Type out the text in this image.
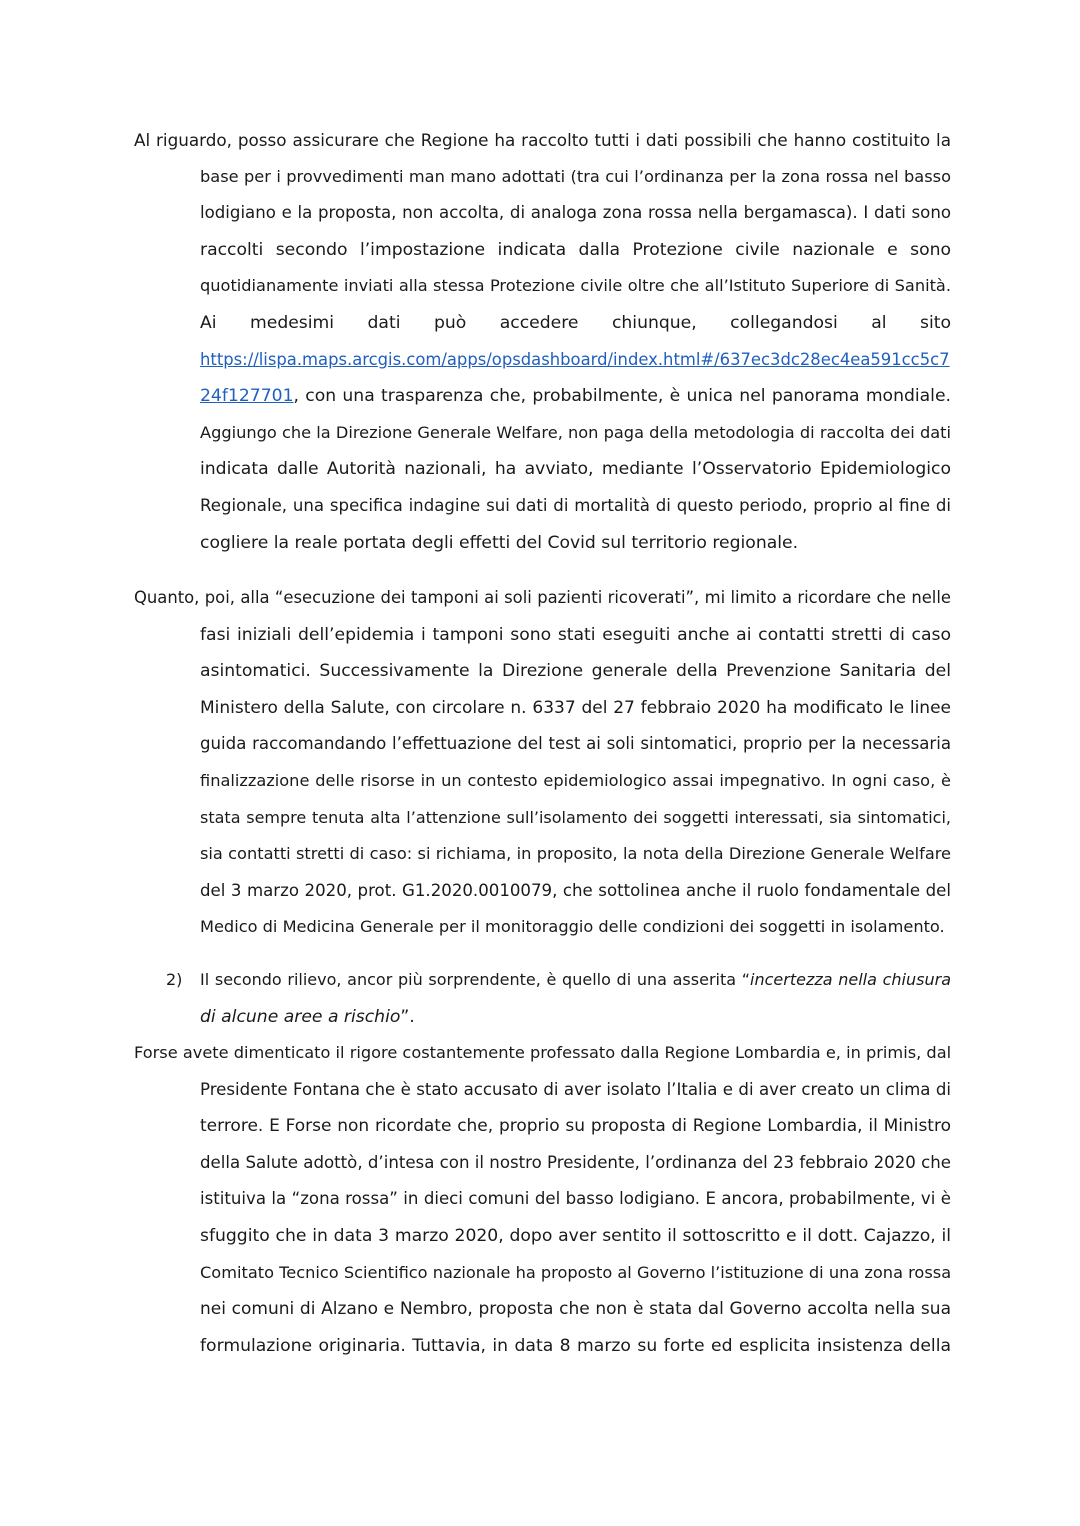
Al riguardo, posso assicurare che Regione ha raccolto tutti i dati possibili che hanno costituito la
base per i provvedimenti man mano adottati (tra cui l’ordinanza per la zona rossa nel basso
lodigiano e la proposta, non accolta, di analoga zona rossa nella bergamasca). I dati sono
raccolti secondo l’impostazione indicata dalla Protezione civile nazionale e sono
quotidianamente inviati alla stessa Protezione civile oltre che all’Istituto Superiore di Sanità.
Ai medesimi dati può accedere chiunque, collegandosi al sito
https://lispa.maps.arcgis.com/apps/opsdashboard/index.html#/637ec3dc28ec4ea591cc5c7
24f127701, con una trasparenza che, probabilmente, è unica nel panorama mondiale.
Aggiungo che la Direzione Generale Welfare, non paga della metodologia di raccolta dei dati
indicata dalle Autorità nazionali, ha avviato, mediante l’Osservatorio Epidemiologico
Regionale, una specifica indagine sui dati di mortalità di questo periodo, proprio al fine di
cogliere la reale portata degli effetti del Covid sul territorio regionale.
Quanto, poi, alla “esecuzione dei tamponi ai soli pazienti ricoverati”, mi limito a ricordare che nelle
fasi iniziali dell’epidemia i tamponi sono stati eseguiti anche ai contatti stretti di caso
asintomatici. Successivamente la Direzione generale della Prevenzione Sanitaria del
Ministero della Salute, con circolare n. 6337 del 27 febbraio 2020 ha modificato le linee
guida raccomandando l’effettuazione del test ai soli sintomatici, proprio per la necessaria
finalizzazione delle risorse in un contesto epidemiologico assai impegnativo. In ogni caso, è
stata sempre tenuta alta l’attenzione sull’isolamento dei soggetti interessati, sia sintomatici,
sia contatti stretti di caso: si richiama, in proposito, la nota della Direzione Generale Welfare
del 3 marzo 2020, prot. G1.2020.0010079, che sottolinea anche il ruolo fondamentale del
Medico di Medicina Generale per il monitoraggio delle condizioni dei soggetti in isolamento.
2) Il secondo rilievo, ancor più sorprendente, è quello di una asserita “incertezza nella chiusura
di alcune aree a rischio”.
Forse avete dimenticato il rigore costantemente professato dalla Regione Lombardia e, in primis, dal
Presidente Fontana che è stato accusato di aver isolato l’Italia e di aver creato un clima di
terrore. E Forse non ricordate che, proprio su proposta di Regione Lombardia, il Ministro
della Salute adottò, d’intesa con il nostro Presidente, l’ordinanza del 23 febbraio 2020 che
istituiva la “zona rossa” in dieci comuni del basso lodigiano. E ancora, probabilmente, vi è
sfuggito che in data 3 marzo 2020, dopo aver sentito il sottoscritto e il dott. Cajazzo, il
Comitato Tecnico Scientifico nazionale ha proposto al Governo l’istituzione di una zona rossa
nei comuni di Alzano e Nembro, proposta che non è stata dal Governo accolta nella sua
formulazione originaria. Tuttavia, in data 8 marzo su forte ed esplicita insistenza della
